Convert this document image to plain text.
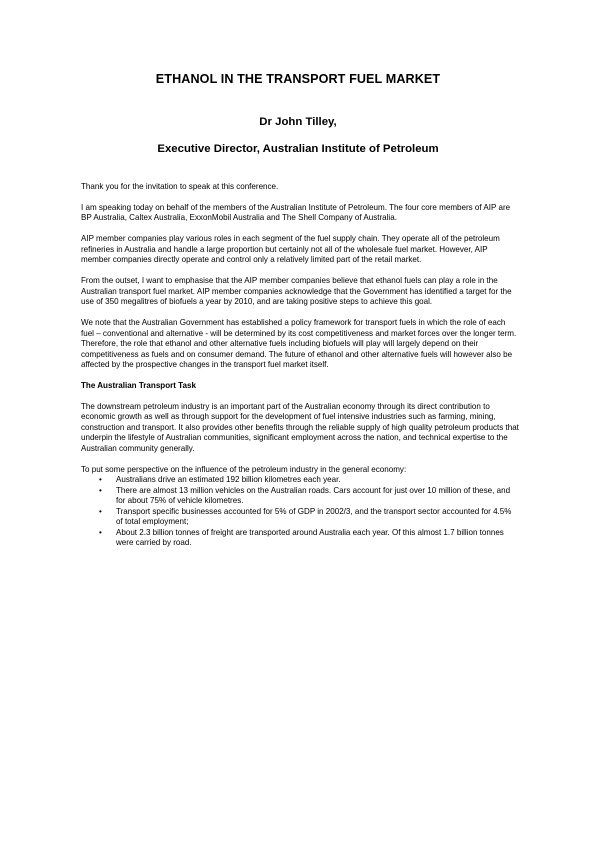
ETHANOL IN THE TRANSPORT FUEL MARKET
Dr John Tilley,
Executive Director, Australian Institute of Petroleum

Thank you for the invitation to speak at this conference.

I am speaking today on behalf of the members of the Australian Institute of Petroleum. The four core members of AIP are BP Australia, Caltex Australia, ExxonMobil Australia and The Shell Company of Australia.

AIP member companies play various roles in each segment of the fuel supply chain. They operate all of the petroleum refineries in Australia and handle a large proportion but certainly not all of the wholesale fuel market. However, AIP member companies directly operate and control only a relatively limited part of the retail market.

From the outset, I want to emphasise that the AIP member companies believe that ethanol fuels can play a role in the Australian transport fuel market. AIP member companies acknowledge that the Government has identified a target for the use of 350 megalitres of biofuels a year by 2010, and are taking positive steps to achieve this goal.

We note that the Australian Government has established a policy framework for transport fuels in which the role of each fuel – conventional and alternative - will be determined by its cost competitiveness and market forces over the longer term. Therefore, the role that ethanol and other alternative fuels including biofuels will play will largely depend on their competitiveness as fuels and on consumer demand. The future of ethanol and other alternative fuels will however also be affected by the prospective changes in the transport fuel market itself.

The Australian Transport Task

The downstream petroleum industry is an important part of the Australian economy through its direct contribution to economic growth as well as through support for the development of fuel intensive industries such as farming, mining, construction and transport. It also provides other benefits through the reliable supply of high quality petroleum products that underpin the lifestyle of Australian communities, significant employment across the nation, and technical expertise to the Australian community generally.

To put some perspective on the influence of the petroleum industry in the general economy:

• Australians drive an estimated 192 billion kilometres each year.
• There are almost 13 million vehicles on the Australian roads. Cars account for just over 10 million of these, and for about 75% of vehicle kilometres.
• Transport specific businesses accounted for 5% of GDP in 2002/3, and the transport sector accounted for 4.5% of total employment;
• About 2.3 billion tonnes of freight are transported around Australia each year. Of this almost 1.7 billion tonnes were carried by road.
